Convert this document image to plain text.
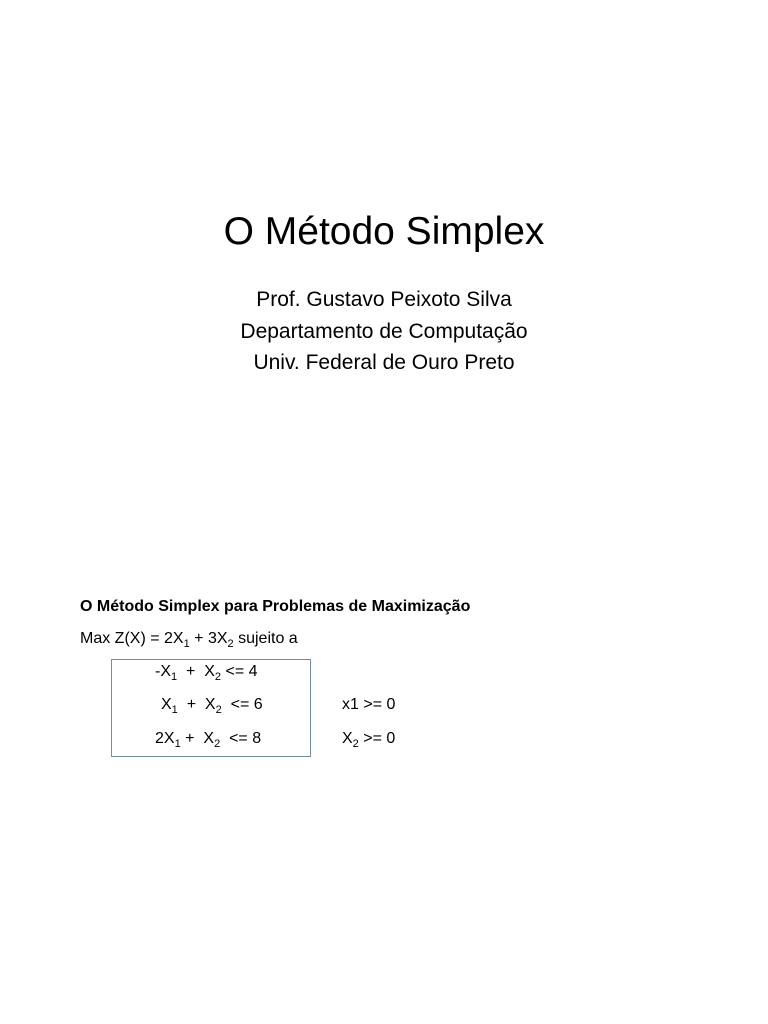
O Método Simplex
Prof. Gustavo Peixoto Silva
Departamento de Computação
Univ. Federal de Ouro Preto
O Método Simplex para Problemas de Maximização
Max $Z(X) = 2X_1 + 3X_2$ sujeito a
$-X_1 + X_2 <= 4$
$X_1 + X_2 <= 6$
$2X_1 + X_2 <= 8$
x1 >= 0
$X_2 >= 0$
